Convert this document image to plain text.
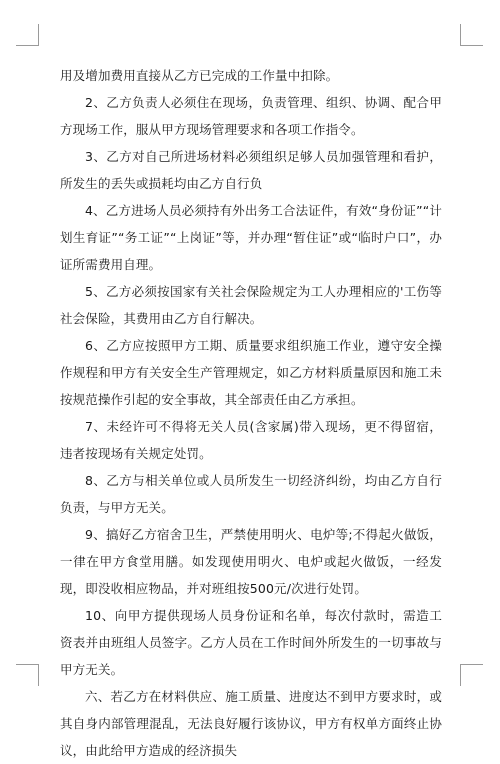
用及增加费用直接从乙方已完成的工作量中扣除。

2、乙方负责人必须住在现场，负责管理、组织、协调、配合甲方现场工作，服从甲方现场管理要求和各项工作指令。

3、乙方对自己所进场材料必须组织足够人员加强管理和看护，所发生的丢失或损耗均由乙方自行负

4、乙方进场人员必须持有外出务工合法证件，有效“身份证”“计划生育证”“务工证”“上岗证”等，并办理“暂住证”或“临时户口”，办证所需费用自理。

5、乙方必须按国家有关社会保险规定为工人办理相应的'工伤等社会保险，其费用由乙方自行解决。

6、乙方应按照甲方工期、质量要求组织施工作业，遵守安全操作规程和甲方有关安全生产管理规定，如乙方材料质量原因和施工未按规范操作引起的安全事故，其全部责任由乙方承担。

7、未经许可不得将无关人员(含家属)带入现场，更不得留宿，违者按现场有关规定处罚。

8、乙方与相关单位或人员所发生一切经济纠纷，均由乙方自行负责，与甲方无关。

9、搞好乙方宿舍卫生，严禁使用明火、电炉等;不得起火做饭，一律在甲方食堂用膳。如发现使用明火、电炉或起火做饭，一经发现，即没收相应物品，并对班组按500元/次进行处罚。

10、向甲方提供现场人员身份证和名单，每次付款时，需造工资表并由班组人员签字。乙方人员在工作时间外所发生的一切事故与甲方无关。

六、若乙方在材料供应、施工质量、进度达不到甲方要求时，或其自身内部管理混乱，无法良好履行该协议，甲方有权单方面终止协议，由此给甲方造成的经济损失
